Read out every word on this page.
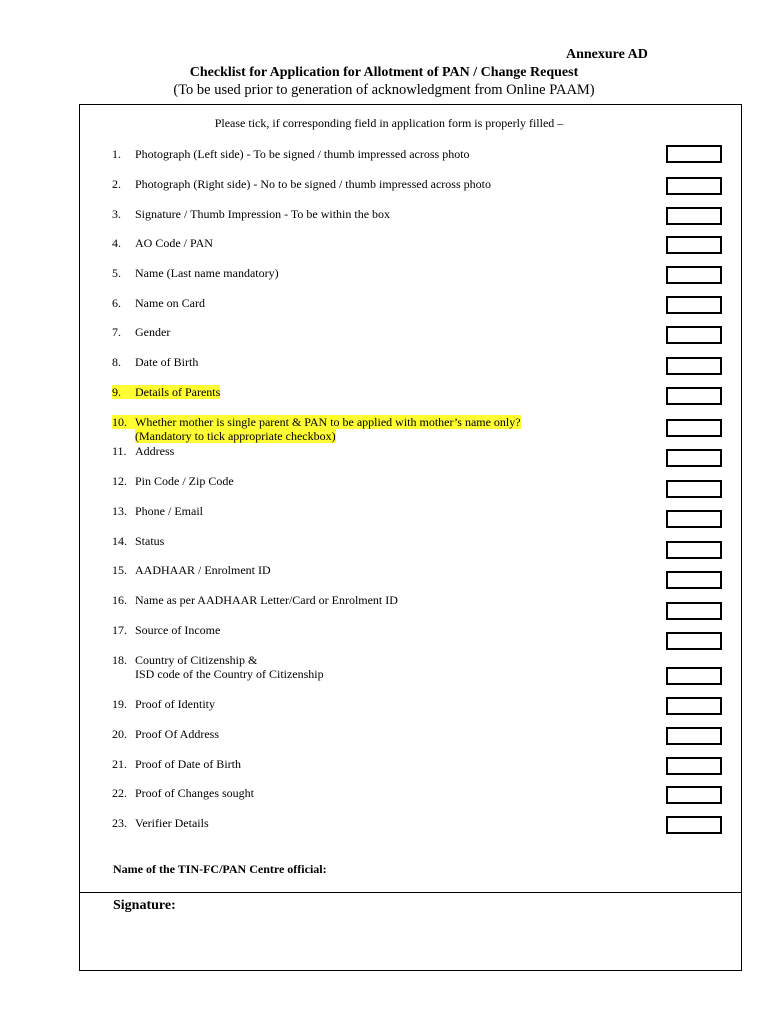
Annexure AD
Checklist for Application for Allotment of PAN / Change Request
(To be used prior to generation of acknowledgment from Online PAAM)
Please tick, if corresponding field in application form is properly filled –
1. Photograph (Left side) - To be signed / thumb impressed across photo
2. Photograph (Right side) - No to be signed / thumb impressed across photo
3. Signature / Thumb Impression - To be within the box
4. AO Code / PAN
5. Name (Last name mandatory)
6. Name on Card
7. Gender
8. Date of Birth
9. Details of Parents
10. Whether mother is single parent & PAN to be applied with mother’s name only?
(Mandatory to tick appropriate checkbox)
11. Address
12. Pin Code / Zip Code
13. Phone / Email
14. Status
15. AADHAAR / Enrolment ID
16. Name as per AADHAAR Letter/Card or Enrolment ID
17. Source of Income
18. Country of Citizenship &
ISD code of the Country of Citizenship
19. Proof of Identity
20. Proof Of Address
21. Proof of Date of Birth
22. Proof of Changes sought
23. Verifier Details
Name of the TIN-FC/PAN Centre official:
Signature:
